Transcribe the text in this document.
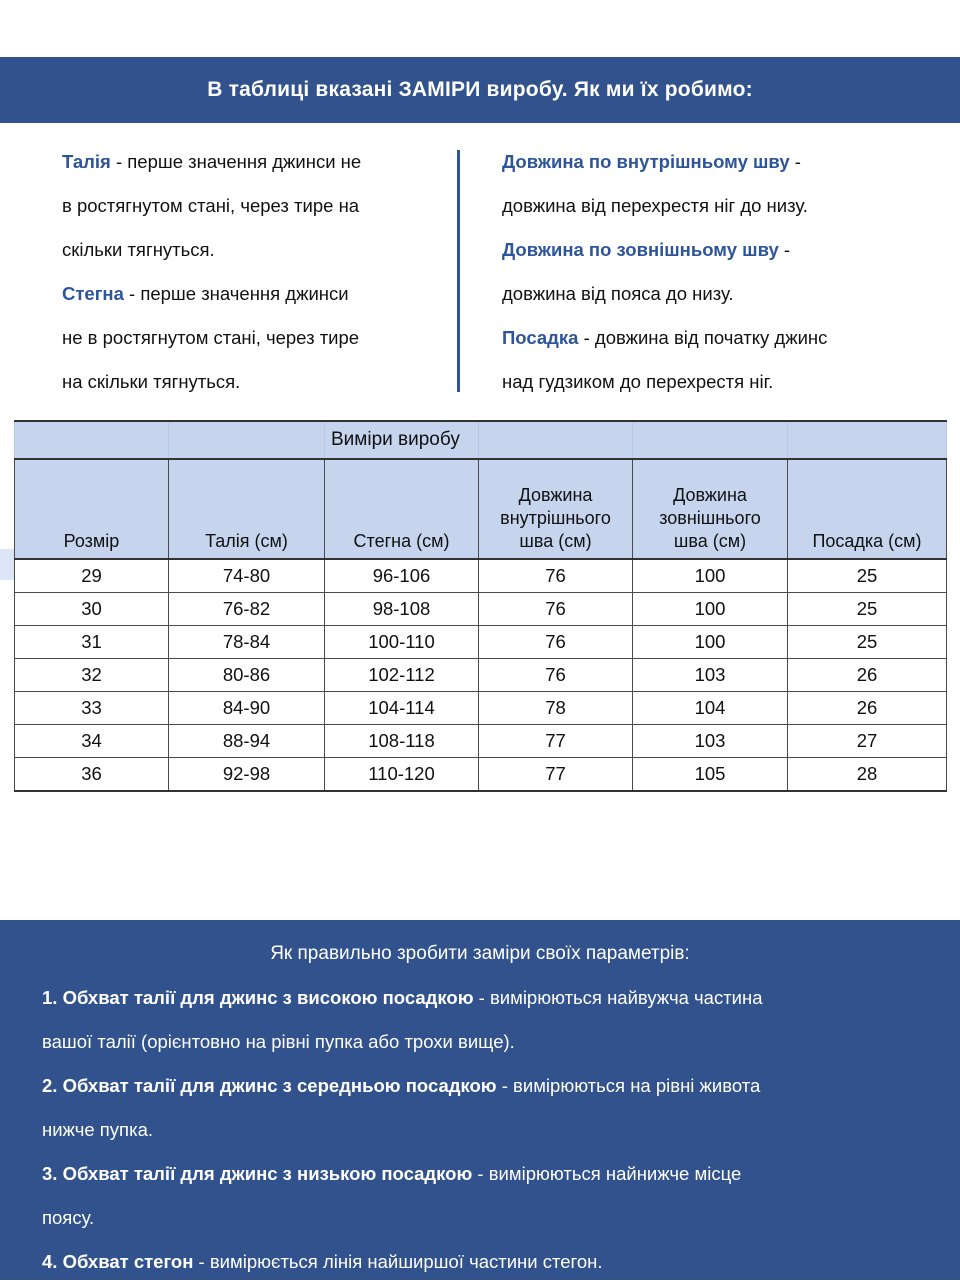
В таблиці вказані ЗАМІРИ виробу. Як ми їх робимо:
Талія - перше значення джинси не
в ростягнутом стані, через тире на
скільки тягнуться.
Стегна - перше значення джинси
не в ростягнутом стані, через тире
на скільки тягнуться.
Довжина по внутрішньому шву -
довжина від перехрестя ніг до низу.
Довжина по зовнішньому шву -
довжина від пояса до низу.
Посадка - довжина від початку джинс
над гудзиком до перехрестя ніг.
		Виміри виробу			
Розмір	Талія (см)	Стегна (см)	Довжина
внутрішнього
шва (см)	Довжина
зовнішнього
шва (см)	Посадка (см)
29	74-80	96-106	76	100	25
30	76-82	98-108	76	100	25
31	78-84	100-110	76	100	25
32	80-86	102-112	76	103	26
33	84-90	104-114	78	104	26
34	88-94	108-118	77	103	27
36	92-98	110-120	77	105	28
Як правильно зробити заміри своїх параметрів:
1. Обхват талії для джинс з високою посадкою - вимірюються найвужча частина
вашої талії (орієнтовно на рівні пупка або трохи вище).
2. Обхват талії для джинс з середньою посадкою - вимірюються на рівні живота
нижче пупка.
3. Обхват талії для джинс з низькою посадкою - вимірюються найнижче місце
поясу.
4. Обхват стегон - вимірюється лінія найширшої частини стегон.
